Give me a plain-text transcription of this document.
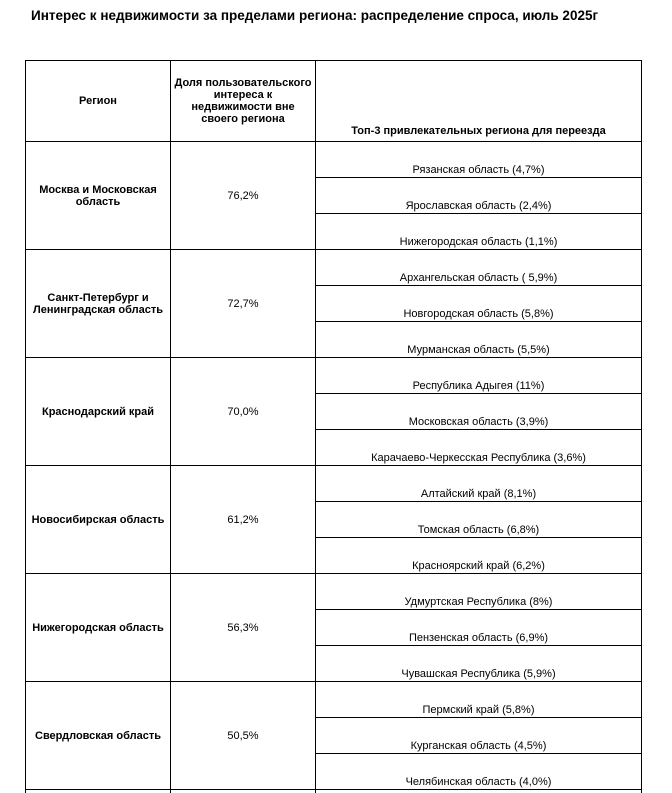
Интерес к недвижимости за пределами региона: распределение спроса, июль 2025г
Регион	Доля пользовательского интереса к недвижимости вне своего региона	Топ-3 привлекательных региона для переезда
Москва и Московская область	76,2%	Рязанская область (4,7%)
		Ярославская область (2,4%)
		Нижегородская область (1,1%)
Санкт-Петербург и Ленинградская область	72,7%	Архангельская область ( 5,9%)
		Новгородская область (5,8%)
		Мурманская область (5,5%)
Краснодарский край	70,0%	Республика Адыгея (11%)
		Московская область (3,9%)
		Карачаево-Черкесская Республика (3,6%)
Новосибирская область	61,2%	Алтайский край (8,1%)
		Томская область (6,8%)
		Красноярский край (6,2%)
Нижегородская область	56,3%	Удмуртская Республика (8%)
		Пензенская область (6,9%)
		Чувашская Республика (5,9%)
Свердловская область	50,5%	Пермский край (5,8%)
		Курганская область (4,5%)
		Челябинская область (4,0%)
